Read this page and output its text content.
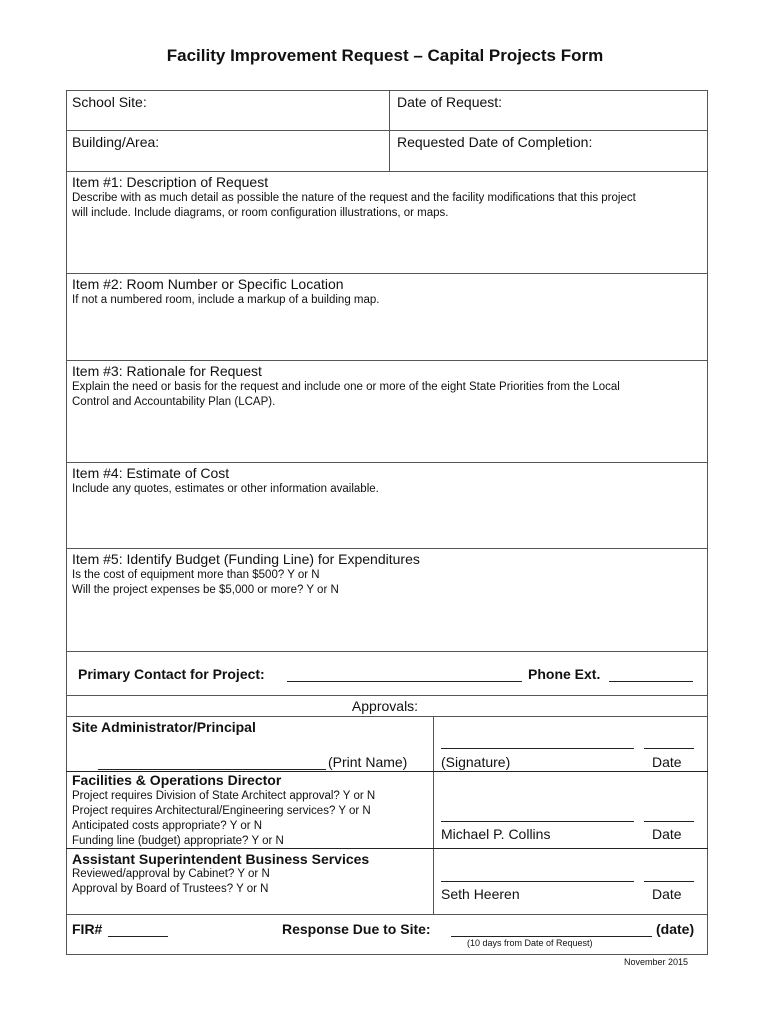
Facility Improvement Request – Capital Projects Form
School Site:	Date of Request:
Building/Area:	Requested Date of Completion:
Item #1: Description of Request
Describe with as much detail as possible the nature of the request and the facility modifications that this project
will include. Include diagrams, or room configuration illustrations, or maps.
Item #2: Room Number or Specific Location
If not a numbered room, include a markup of a building map.
Item #3: Rationale for Request
Explain the need or basis for the request and include one or more of the eight State Priorities from the Local
Control and Accountability Plan (LCAP).
Item #4: Estimate of Cost
Include any quotes, estimates or other information available.
Item #5: Identify Budget (Funding Line) for Expenditures
Is the cost of equipment more than $500? Y or N
Will the project expenses be $5,000 or more? Y or N
Primary Contact for Project:	Phone Ext.
Approvals:
Site Administrator/Principal
(Print Name) (Signature)	Date
Facilities & Operations Director
Project requires Division of State Architect approval? Y or N
Project requires Architectural/Engineering services? Y or N
Anticipated costs appropriate? Y or N
Funding line (budget) appropriate? Y or N	Michael P. Collins	Date
Assistant Superintendent Business Services
Reviewed/approval by Cabinet? Y or N
Approval by Board of Trustees? Y or N	Seth Heeren	Date
FIR#	Response Due to Site:	(date)
(10 days from Date of Request)
November 2015
